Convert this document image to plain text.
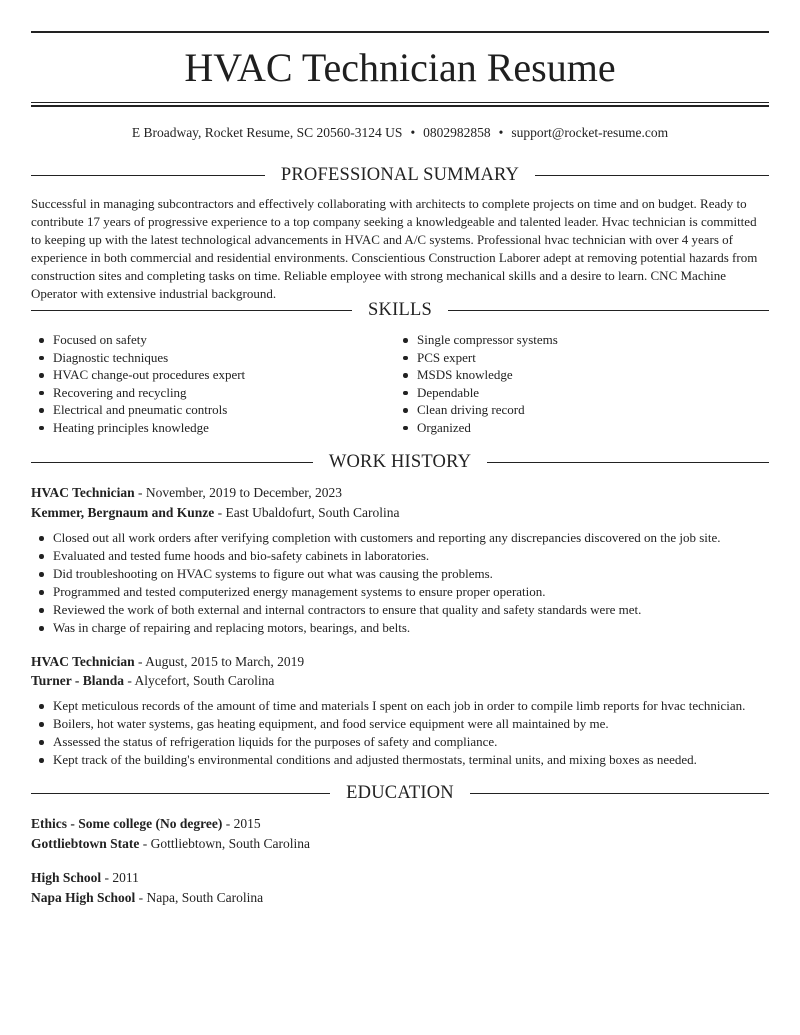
HVAC Technician Resume
E Broadway, Rocket Resume, SC 20560-3124 US • 0802982858 • support@rocket-resume.com
PROFESSIONAL SUMMARY

Successful in managing subcontractors and effectively collaborating with architects to complete projects on time and on budget. Ready to contribute 17 years of progressive experience to a top company seeking a knowledgeable and talented leader. Hvac technician is committed to keeping up with the latest technological advancements in HVAC and A/C systems. Professional hvac technician with over 4 years of experience in both commercial and residential environments. Conscientious Construction Laborer adept at removing potential hazards from construction sites and completing tasks on time. Reliable employee with strong mechanical skills and a desire to learn. CNC Machine Operator with extensive industrial background.

SKILLS
Focused on safety
Diagnostic techniques
HVAC change-out procedures expert
Recovering and recycling
Electrical and pneumatic controls
Heating principles knowledge
Single compressor systems
PCS expert
MSDS knowledge
Dependable
Clean driving record
Organized
WORK HISTORY
HVAC Technician - November, 2019 to December, 2023
Kemmer, Bergnaum and Kunze - East Ubaldofurt, South Carolina
Closed out all work orders after verifying completion with customers and reporting any discrepancies discovered on the job site.
Evaluated and tested fume hoods and bio-safety cabinets in laboratories.
Did troubleshooting on HVAC systems to figure out what was causing the problems.
Programmed and tested computerized energy management systems to ensure proper operation.
Reviewed the work of both external and internal contractors to ensure that quality and safety standards were met.
Was in charge of repairing and replacing motors, bearings, and belts.
HVAC Technician - August, 2015 to March, 2019
Turner - Blanda - Alycefort, South Carolina
Kept meticulous records of the amount of time and materials I spent on each job in order to compile limb reports for hvac technician.
Boilers, hot water systems, gas heating equipment, and food service equipment were all maintained by me.
Assessed the status of refrigeration liquids for the purposes of safety and compliance.
Kept track of the building's environmental conditions and adjusted thermostats, terminal units, and mixing boxes as needed.
EDUCATION
Ethics - Some college (No degree) - 2015
Gottliebtown State - Gottliebtown, South Carolina
High School - 2011
Napa High School - Napa, South Carolina
